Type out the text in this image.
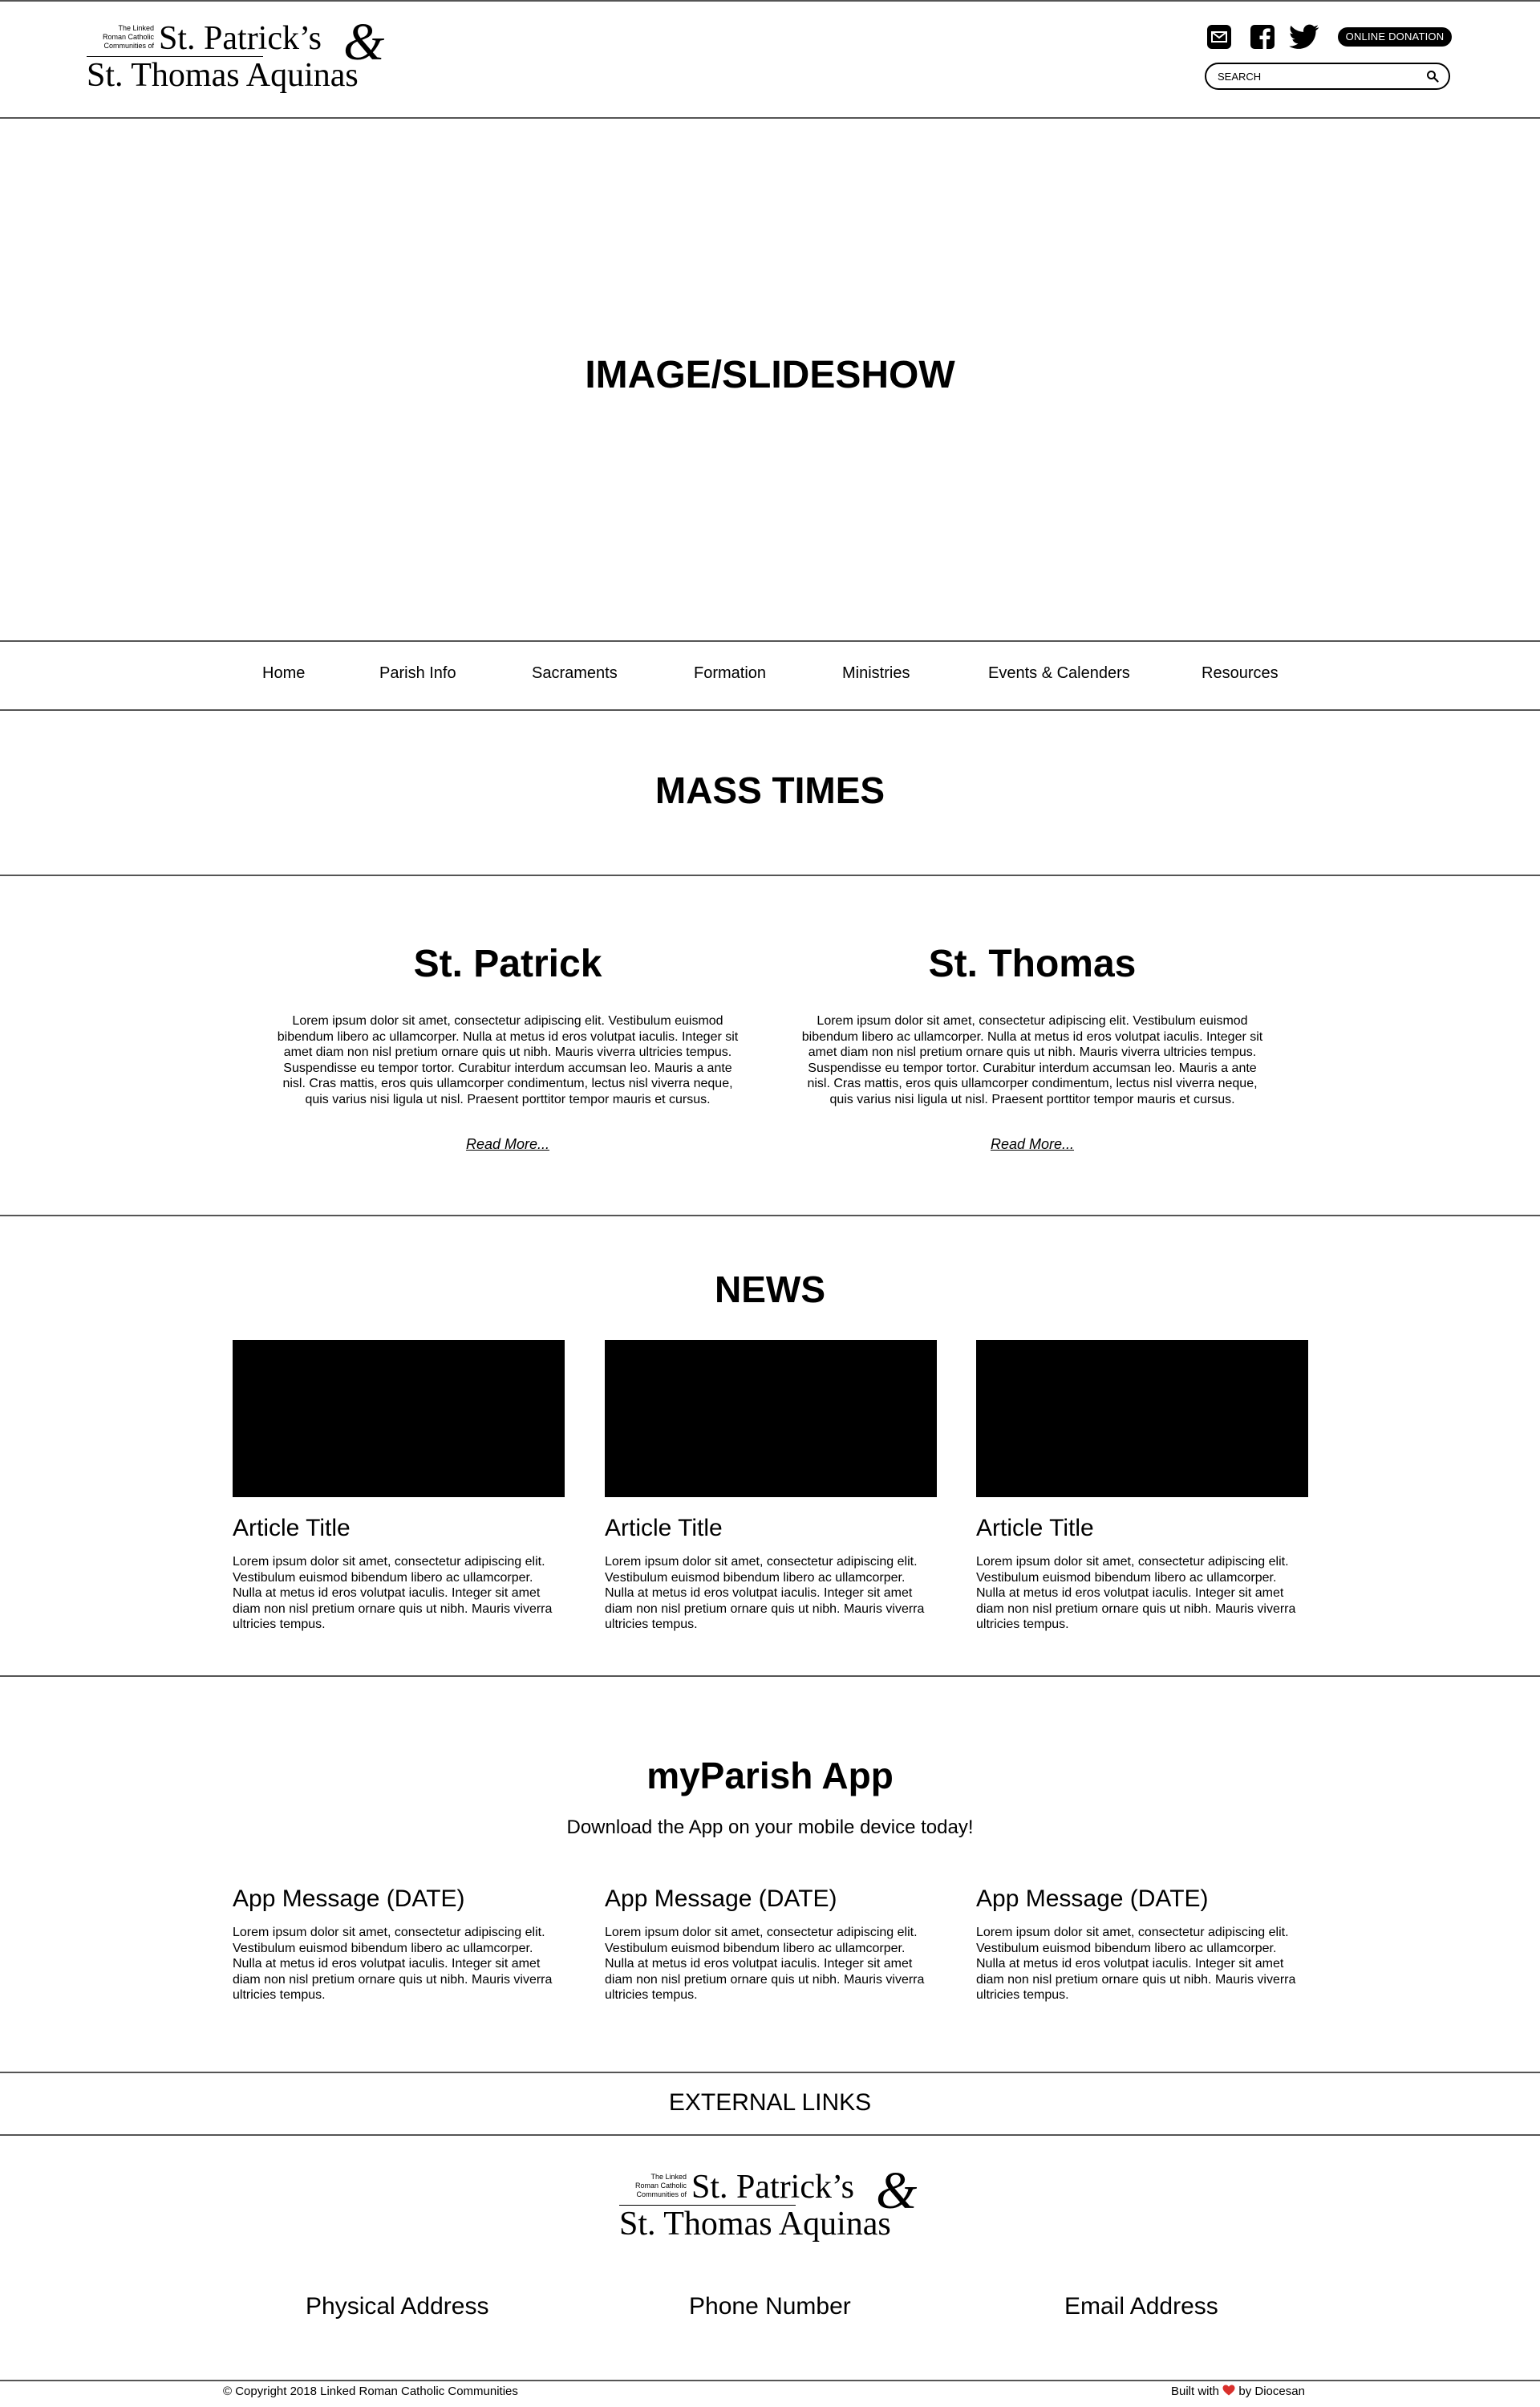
The Linked
Roman Catholic
Communities of St. Patrick’s &
St. Thomas Aquinas
ONLINE DONATION
SEARCH
IMAGE/SLIDESHOW
Home	Parish Info	Sacraments	Formation	Ministries	Events & Calenders	Resources
MASS TIMES
St. Patrick
Lorem ipsum dolor sit amet, consectetur adipiscing elit. Vestibulum euismod bibendum libero ac ullamcorper. Nulla at metus id eros volutpat iaculis. Integer sit amet diam non nisl pretium ornare quis ut nibh. Mauris viverra ultricies tempus. Suspendisse eu tempor tortor. Curabitur interdum accumsan leo. Mauris a ante nisl. Cras mattis, eros quis ullamcorper condimentum, lectus nisl viverra neque, quis varius nisi ligula ut nisl. Praesent porttitor tempor mauris et cursus.
Read More...
St. Thomas
Lorem ipsum dolor sit amet, consectetur adipiscing elit. Vestibulum euismod bibendum libero ac ullamcorper. Nulla at metus id eros volutpat iaculis. Integer sit amet diam non nisl pretium ornare quis ut nibh. Mauris viverra ultricies tempus. Suspendisse eu tempor tortor. Curabitur interdum accumsan leo. Mauris a ante nisl. Cras mattis, eros quis ullamcorper condimentum, lectus nisl viverra neque, quis varius nisi ligula ut nisl. Praesent porttitor tempor mauris et cursus.
Read More...
NEWS
Article Title
Lorem ipsum dolor sit amet, consectetur adipiscing elit. Vestibulum euismod bibendum libero ac ullamcorper. Nulla at metus id eros volutpat iaculis. Integer sit amet diam non nisl pretium ornare quis ut nibh. Mauris viverra ultricies tempus.
Article Title
Lorem ipsum dolor sit amet, consectetur adipiscing elit. Vestibulum euismod bibendum libero ac ullamcorper. Nulla at metus id eros volutpat iaculis. Integer sit amet diam non nisl pretium ornare quis ut nibh. Mauris viverra ultricies tempus.
Article Title
Lorem ipsum dolor sit amet, consectetur adipiscing elit. Vestibulum euismod bibendum libero ac ullamcorper. Nulla at metus id eros volutpat iaculis. Integer sit amet diam non nisl pretium ornare quis ut nibh. Mauris viverra ultricies tempus.
myParish App
Download the App on your mobile device today!
App Message (DATE)
Lorem ipsum dolor sit amet, consectetur adipiscing elit. Vestibulum euismod bibendum libero ac ullamcorper. Nulla at metus id eros volutpat iaculis. Integer sit amet diam non nisl pretium ornare quis ut nibh. Mauris viverra ultricies tempus.
App Message (DATE)
Lorem ipsum dolor sit amet, consectetur adipiscing elit. Vestibulum euismod bibendum libero ac ullamcorper. Nulla at metus id eros volutpat iaculis. Integer sit amet diam non nisl pretium ornare quis ut nibh. Mauris viverra ultricies tempus.
App Message (DATE)
Lorem ipsum dolor sit amet, consectetur adipiscing elit. Vestibulum euismod bibendum libero ac ullamcorper. Nulla at metus id eros volutpat iaculis. Integer sit amet diam non nisl pretium ornare quis ut nibh. Mauris viverra ultricies tempus.
EXTERNAL LINKS
The Linked
Roman Catholic
Communities of St. Patrick’s &
St. Thomas Aquinas
Physical Address	Phone Number	Email Address
© Copyright 2018 Linked Roman Catholic Communities	Built with by Diocesan
